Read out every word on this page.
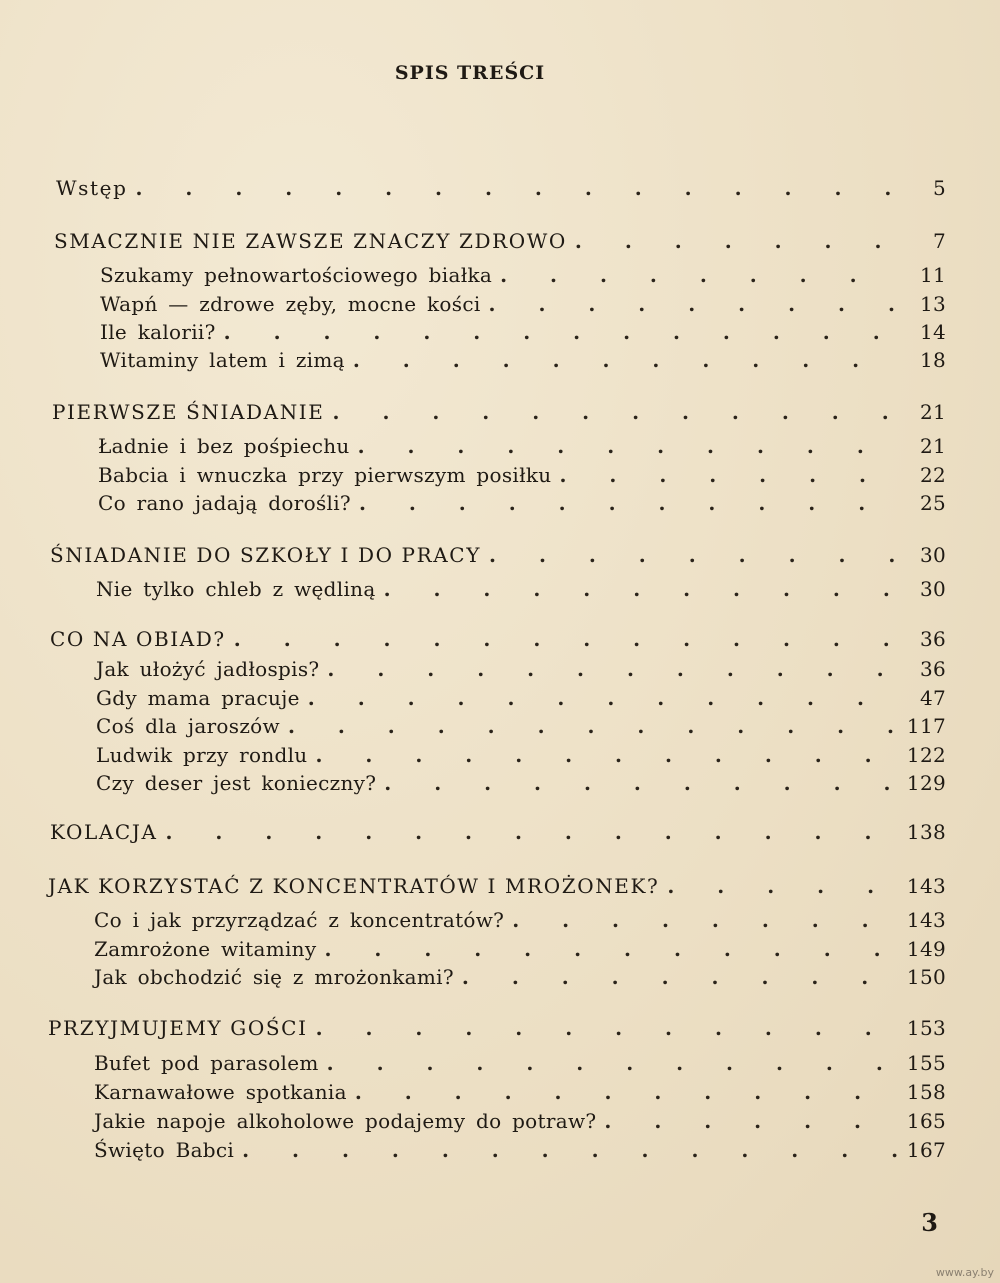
SPIS TREŚCI
Wstęp . . .	5
SMACZNIE NIE ZAWSZE ZNACZY ZDROWO . . .	7
Szukamy pełnowartościowego białka . . .	11
Wapń — zdrowe zęby, mocne kości . . .	13
Ile kalorii? . . .	14
Witaminy latem i zimą . . .	18
PIERWSZE ŚNIADANIE . . .	21
Ładnie i bez pośpiechu . . .	21
Babcia i wnuczka przy pierwszym posiłku . . .	22
Co rano jadają dorośli? . . .	25
ŚNIADANIE DO SZKOŁY I DO PRACY . . .	30
Nie tylko chleb z wędliną . . .	30
CO NA OBIAD? . . .	36
Jak ułożyć jadłospis? . . .	36
Gdy mama pracuje . . .	47
Coś dla jaroszów . . .	117
Ludwik przy rondlu . . .	122
Czy deser jest konieczny? . . .	129
KOLACJA . . .	138
JAK KORZYSTAĆ Z KONCENTRATÓW I MROŻONEK? . . .	143
Co i jak przyrządzać z koncentratów? . . .	143
Zamrożone witaminy . . .	149
Jak obchodzić się z mrożonkami? . . .	150
PRZYJMUJEMY GOŚCI . . .	153
Bufet pod parasolem . . .	155
Karnawałowe spotkania . . .	158
Jakie napoje alkoholowe podajemy do potraw? . . .	165
Święto Babci . . .	167
3
www.ay.by
